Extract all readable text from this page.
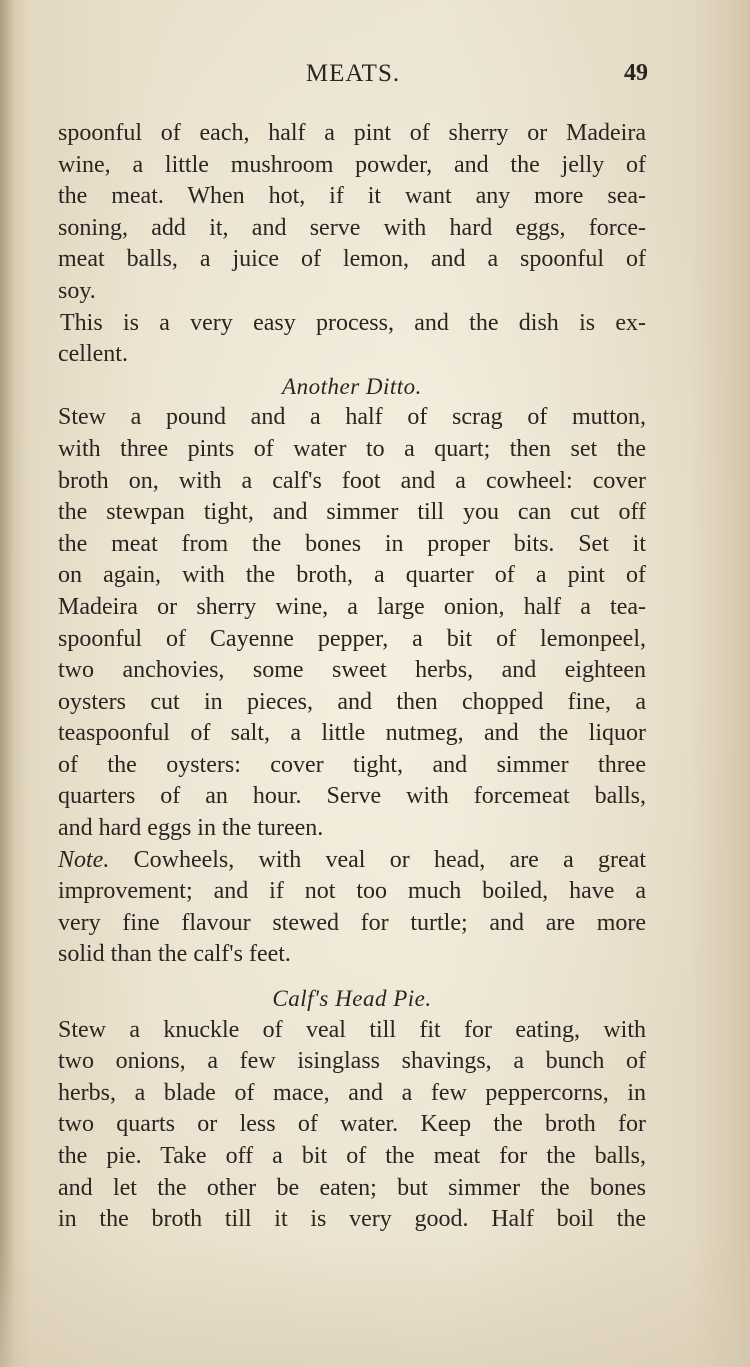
MEATS.	49
spoonful of each, half a pint of sherry or Madeira
wine, a little mushroom powder, and the jelly of
the meat. When hot, if it want any more sea-
soning, add it, and serve with hard eggs, force-
meat balls, a juice of lemon, and a spoonful of
soy.
This is a very easy process, and the dish is ex-
cellent.
Another Ditto.
Stew a pound and a half of scrag of mutton,
with three pints of water to a quart; then set the
broth on, with a calf's foot and a cowheel: cover
the stewpan tight, and simmer till you can cut off
the meat from the bones in proper bits. Set it
on again, with the broth, a quarter of a pint of
Madeira or sherry wine, a large onion, half a tea-
spoonful of Cayenne pepper, a bit of lemonpeel,
two anchovies, some sweet herbs, and eighteen
oysters cut in pieces, and then chopped fine, a
teaspoonful of salt, a little nutmeg, and the liquor
of the oysters: cover tight, and simmer three
quarters of an hour. Serve with forcemeat balls,
and hard eggs in the tureen.
Note. Cowheels, with veal or head, are a great
improvement; and if not too much boiled, have a
very fine flavour stewed for turtle; and are more
solid than the calf's feet.
Calf's Head Pie.
Stew a knuckle of veal till fit for eating, with
two onions, a few isinglass shavings, a bunch of
herbs, a blade of mace, and a few peppercorns, in
two quarts or less of water. Keep the broth for
the pie. Take off a bit of the meat for the balls,
and let the other be eaten; but simmer the bones
in the broth till it is very good. Half boil the
